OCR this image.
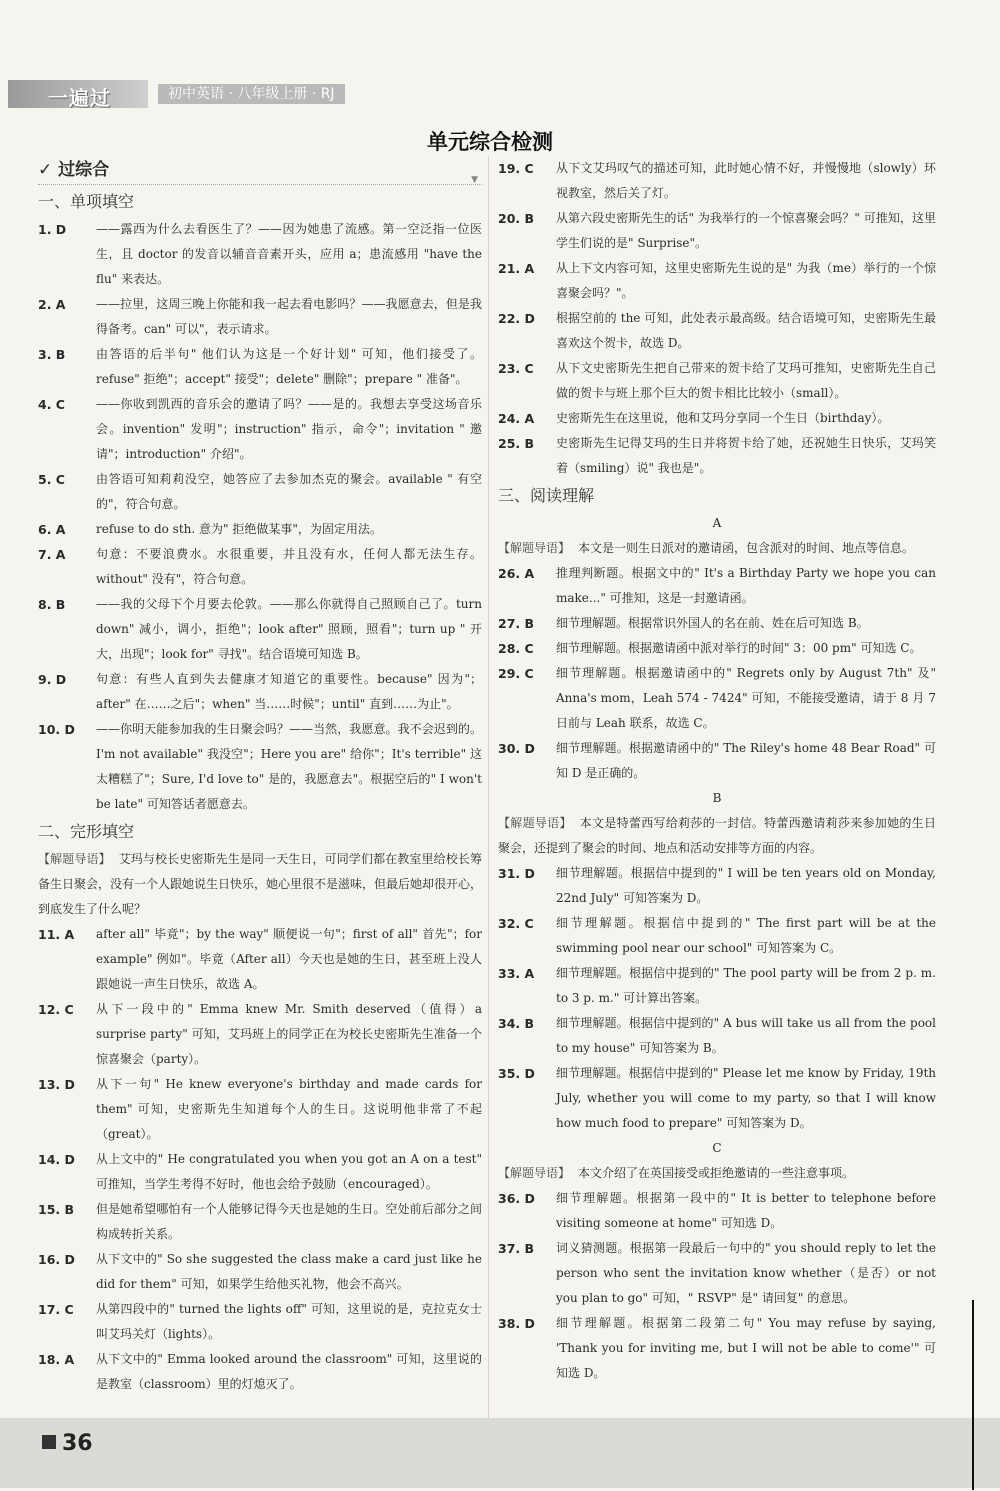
一遍过	初中英语 · 八年级上册 · RJ
单元综合检测
✓ 过综合	▼
一、单项填空
1. D	——露西为什么去看医生了？——因为她患了流感。第一空泛指一位医生，且 doctor 的发音以辅音音素开头，应用 a；患流感用 "have the flu" 来表达。
2. A	——拉里，这周三晚上你能和我一起去看电影吗？——我愿意去，但是我得备考。can" 可以"，表示请求。
3. B	由答语的后半句" 他们认为这是一个好计划" 可知，他们接受了。refuse" 拒绝"；accept" 接受"；delete" 删除"；prepare " 准备"。
4. C	——你收到凯西的音乐会的邀请了吗？——是的。我想去享受这场音乐会。invention" 发明"；instruction" 指示，命令"；invitation " 邀请"；introduction" 介绍"。
5. C	由答语可知莉莉没空，她答应了去参加杰克的聚会。available " 有空的"，符合句意。
6. A	refuse to do sth. 意为" 拒绝做某事"，为固定用法。
7. A	句意：不要浪费水。水很重要，并且没有水，任何人都无法生存。without" 没有"，符合句意。
8. B	——我的父母下个月要去伦敦。——那么你就得自己照顾自己了。turn down" 减小，调小，拒绝"；look after" 照顾，照看"；turn up " 开大，出现"；look for" 寻找"。结合语境可知选 B。
9. D	句意：有些人直到失去健康才知道它的重要性。because" 因为"；after" 在……之后"；when" 当……时候"；until" 直到……为止"。
10. D	——你明天能参加我的生日聚会吗？——当然，我愿意。我不会迟到的。I'm not available" 我没空"；Here you are" 给你"；It's terrible" 这太糟糕了"；Sure, I'd love to" 是的，我愿意去"。根据空后的" I won't be late" 可知答话者愿意去。
二、完形填空
【解题导语】 艾玛与校长史密斯先生是同一天生日，可同学们都在教室里给校长筹备生日聚会，没有一个人跟她说生日快乐，她心里很不是滋味，但最后她却很开心，到底发生了什么呢？
11. A	after all" 毕竟"；by the way" 顺便说一句"；first of all" 首先"；for example" 例如"。毕竟（After all）今天也是她的生日，甚至班上没人跟她说一声生日快乐，故选 A。
12. C	从下一段中的" Emma knew Mr. Smith deserved（值得）a surprise party" 可知，艾玛班上的同学正在为校长史密斯先生准备一个惊喜聚会（party）。
13. D	从下一句" He knew everyone's birthday and made cards for them" 可知，史密斯先生知道每个人的生日。这说明他非常了不起（great）。
14. D	从上文中的" He congratulated you when you got an A on a test" 可推知，当学生考得不好时，他也会给予鼓励（encouraged）。
15. B	但是她希望哪怕有一个人能够记得今天也是她的生日。空处前后部分之间构成转折关系。
16. D	从下文中的" So she suggested the class make a card just like he did for them" 可知，如果学生给他买礼物，他会不高兴。
17. C	从第四段中的" turned the lights off" 可知，这里说的是，克拉克女士叫艾玛关灯（lights）。
18. A	从下文中的" Emma looked around the classroom" 可知，这里说的是教室（classroom）里的灯熄灭了。
19. C	从下文艾玛叹气的描述可知，此时她心情不好，并慢慢地（slowly）环视教室，然后关了灯。
20. B	从第六段史密斯先生的话" 为我举行的一个惊喜聚会吗？" 可推知，这里学生们说的是" Surprise"。
21. A	从上下文内容可知，这里史密斯先生说的是" 为我（me）举行的一个惊喜聚会吗？"。
22. D	根据空前的 the 可知，此处表示最高级。结合语境可知，史密斯先生最喜欢这个贺卡，故选 D。
23. C	从下文史密斯先生把自己带来的贺卡给了艾玛可推知，史密斯先生自己做的贺卡与班上那个巨大的贺卡相比比较小（small）。
24. A	史密斯先生在这里说，他和艾玛分享同一个生日（birthday）。
25. B	史密斯先生记得艾玛的生日并将贺卡给了她，还祝她生日快乐，艾玛笑着（smiling）说" 我也是"。
三、阅读理解
A
【解题导语】 本文是一则生日派对的邀请函，包含派对的时间、地点等信息。
26. A	推理判断题。根据文中的" It's a Birthday Party we hope you can make..." 可推知，这是一封邀请函。
27. B	细节理解题。根据常识外国人的名在前、姓在后可知选 B。
28. C	细节理解题。根据邀请函中派对举行的时间" 3：00 pm" 可知选 C。
29. C	细节理解题。根据邀请函中的" Regrets only by August 7th" 及" Anna's mom，Leah 574 - 7424" 可知，不能接受邀请，请于 8 月 7 日前与 Leah 联系，故选 C。
30. D	细节理解题。根据邀请函中的" The Riley's home 48 Bear Road" 可知 D 是正确的。
B
【解题导语】 本文是特蕾西写给莉莎的一封信。特蕾西邀请莉莎来参加她的生日聚会，还提到了聚会的时间、地点和活动安排等方面的内容。
31. D	细节理解题。根据信中提到的" I will be ten years old on Monday, 22nd July" 可知答案为 D。
32. C	细节理解题。根据信中提到的" The first part will be at the swimming pool near our school" 可知答案为 C。
33. A	细节理解题。根据信中提到的" The pool party will be from 2 p. m. to 3 p. m." 可计算出答案。
34. B	细节理解题。根据信中提到的" A bus will take us all from the pool to my house" 可知答案为 B。
35. D	细节理解题。根据信中提到的" Please let me know by Friday, 19th July, whether you will come to my party, so that I will know how much food to prepare" 可知答案为 D。
C
【解题导语】 本文介绍了在英国接受或拒绝邀请的一些注意事项。
36. D	细节理解题。根据第一段中的" It is better to telephone before visiting someone at home" 可知选 D。
37. B	词义猜测题。根据第一段最后一句中的" you should reply to let the person who sent the invitation know whether（是否）or not you plan to go" 可知，" RSVP" 是" 请回复" 的意思。
38. D	细节理解题。根据第二段第二句" You may refuse by saying, 'Thank you for inviting me, but I will not be able to come'" 可知选 D。
36
